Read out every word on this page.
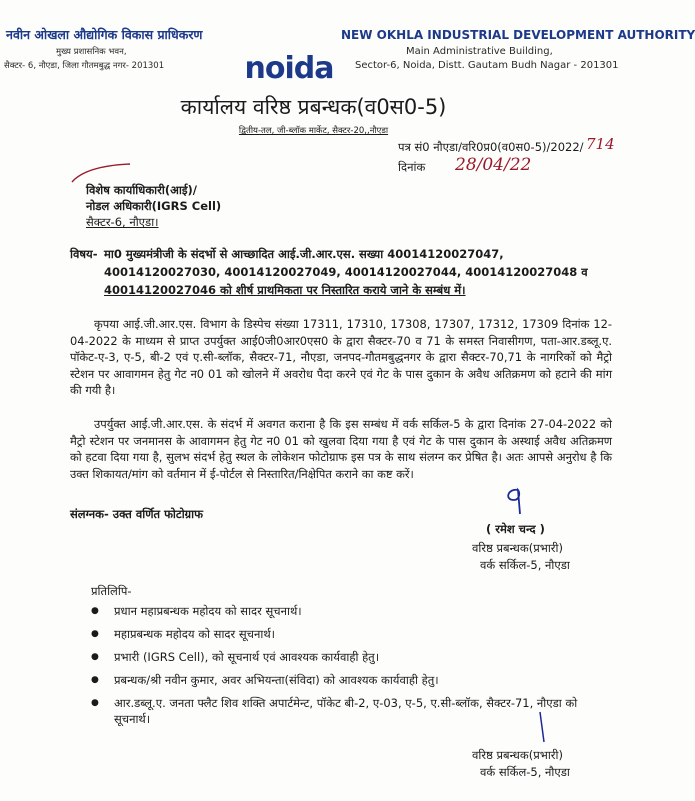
नवीन ओखला औद्योगिक विकास प्राधिकरण
मुख्य प्रशासनिक भवन,
सैक्टर- 6, नौएडा, जिला गौतमबुद्ध नगर- 201301	noida
NEW OKHLA INDUSTRIAL DEVELOPMENT AUTHORITY
Main Administrative Building,
Sector-6, Noida, Distt. Gautam Budh Nagar - 201301
कार्यालय वरिष्ठ प्रबन्धक(व0स0-5)
द्वितीय-तल, जी-ब्लॉक मार्केट, सैक्टर-20,,नौएडा
पत्र सं0 नौएडा/वरि0प्र0(व0स0-5)/2022/ 714
दिनांक 28/04/22
विशेष कार्याधिकारी(आई)/
नोडल अधिकारी(IGRS Cell)
सैक्टर-6, नौएडा।
विषय- मा0 मुख्यमंत्रीजी के संदर्भो से आच्छादित आई.जी.आर.एस. सख्या 40014120027047,
40014120027030, 40014120027049, 40014120027044, 40014120027048 व
40014120027046 को शीर्ष प्राथमिकता पर निस्तारित कराये जाने के सम्बंध में।

कृपया आई.जी.आर.एस. विभाग के डिस्पेच संख्या 17311, 17310, 17308, 17307, 17312, 17309 दिनांक 12-04-2022 के माध्यम से प्राप्त उपर्युक्त आई0जी0आर0एस0 के द्वारा सैक्टर-70 व 71 के समस्त निवासीगण, पता-आर.डब्लू.ए. पॉकेट-ए-3, ए-5, बी-2 एवं ए.सी-ब्लॉक, सैक्टर-71, नौएडा, जनपद-गौतमबुद्धनगर के द्वारा सैक्टर-70,71 के नागरिकों को मैट्रो स्टेशन पर आवागमन हेतु गेट न0 01 को खोलने में अवरोध पैदा करने एवं गेट के पास दुकान के अवैध अतिक्रमण को हटाने की मांग की गयी है।

उपर्युक्त आई.जी.आर.एस. के संदर्भ में अवगत कराना है कि इस सम्बंध में वर्क सर्किल-5 के द्वारा दिनांक 27-04-2022 को मैट्रो स्टेशन पर जनमानस के आवागमन हेतु गेट न0 01 को खुलवा दिया गया है एवं गेट के पास दुकान के अस्थाई अवैध अतिक्रमण को हटवा दिया गया है, सुलभ संदर्भ हेतु स्थल के लोकेशन फोटोग्राफ इस पत्र के साथ संलग्न कर प्रेषित है। अतः आपसे अनुरोध है कि उक्त शिकायत/मांग को वर्तमान में ई-पोर्टल से निस्तारित/निक्षेपित कराने का कष्ट करें।

संलग्नक- उक्त वर्णित फोटोग्राफ
( रमेश चन्द )
वरिष्ठ प्रबन्धक(प्रभारी)
वर्क सर्किल-5, नौएडा
प्रतिलिपि-
● प्रधान महाप्रबन्धक महोदय को सादर सूचनार्थ।
● महाप्रबन्धक महोदय को सादर सूचनार्थ।
● प्रभारी (IGRS Cell), को सूचनार्थ एवं आवश्यक कार्यवाही हेतु।
● प्रबन्धक/श्री नवीन कुमार, अवर अभियन्ता(संविदा) को आवश्यक कार्यवाही हेतु।
● आर.डब्लू.ए. जनता फ्लैट शिव शक्ति अपार्टमेन्ट, पॉकेट बी-2, ए-03, ए-5, ए.सी-ब्लॉक, सैक्टर-71, नौएडा को सूचनार्थ।
वरिष्ठ प्रबन्धक(प्रभारी)
वर्क सर्किल-5, नौएडा
